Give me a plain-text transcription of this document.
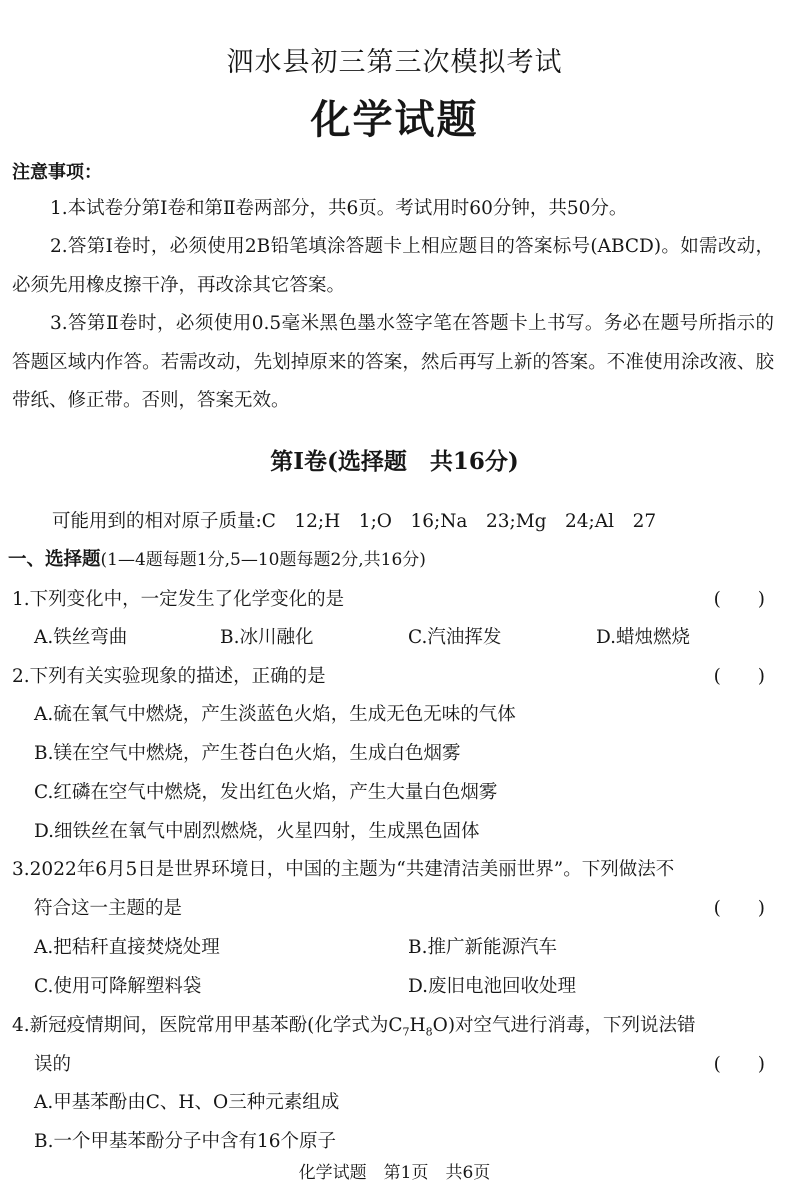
泗水县初三第三次模拟考试
化学试题
注意事项：
1.本试卷分第Ⅰ卷和第Ⅱ卷两部分，共6页。考试用时60分钟，共50分。
2.答第Ⅰ卷时，必须使用2B铅笔填涂答题卡上相应题目的答案标号(ABCD)。如需改动，必须先用橡皮擦干净，再改涂其它答案。
3.答第Ⅱ卷时，必须使用0.5毫米黑色墨水签字笔在答题卡上书写。务必在题号所指示的答题区域内作答。若需改动，先划掉原来的答案，然后再写上新的答案。不准使用涂改液、胶带纸、修正带。否则，答案无效。
第Ⅰ卷(选择题　共16分)
可能用到的相对原子质量:C　12;H　1;O　16;Na　23;Mg　24;Al　27
一、选择题(1—4题每题1分,5—10题每题2分,共16分)
1.下列变化中，一定发生了化学变化的是	(　　)
A.铁丝弯曲	B.冰川融化	C.汽油挥发	D.蜡烛燃烧
2.下列有关实验现象的描述，正确的是	(　　)
A.硫在氧气中燃烧，产生淡蓝色火焰，生成无色无味的气体
B.镁在空气中燃烧，产生苍白色火焰，生成白色烟雾
C.红磷在空气中燃烧，发出红色火焰，产生大量白色烟雾
D.细铁丝在氧气中剧烈燃烧，火星四射，生成黑色固体
3.2022年6月5日是世界环境日，中国的主题为“共建清洁美丽世界”。下列做法不
符合这一主题的是	(　　)
A.把秸秆直接焚烧处理	B.推广新能源汽车
C.使用可降解塑料袋	D.废旧电池回收处理
4.新冠疫情期间，医院常用甲基苯酚(化学式为$C_7H_8O$)对空气进行消毒，下列说法错
误的	(　　)
A.甲基苯酚由C、H、O三种元素组成
B.一个甲基苯酚分子中含有16个原子
化学试题　第1页　共6页
